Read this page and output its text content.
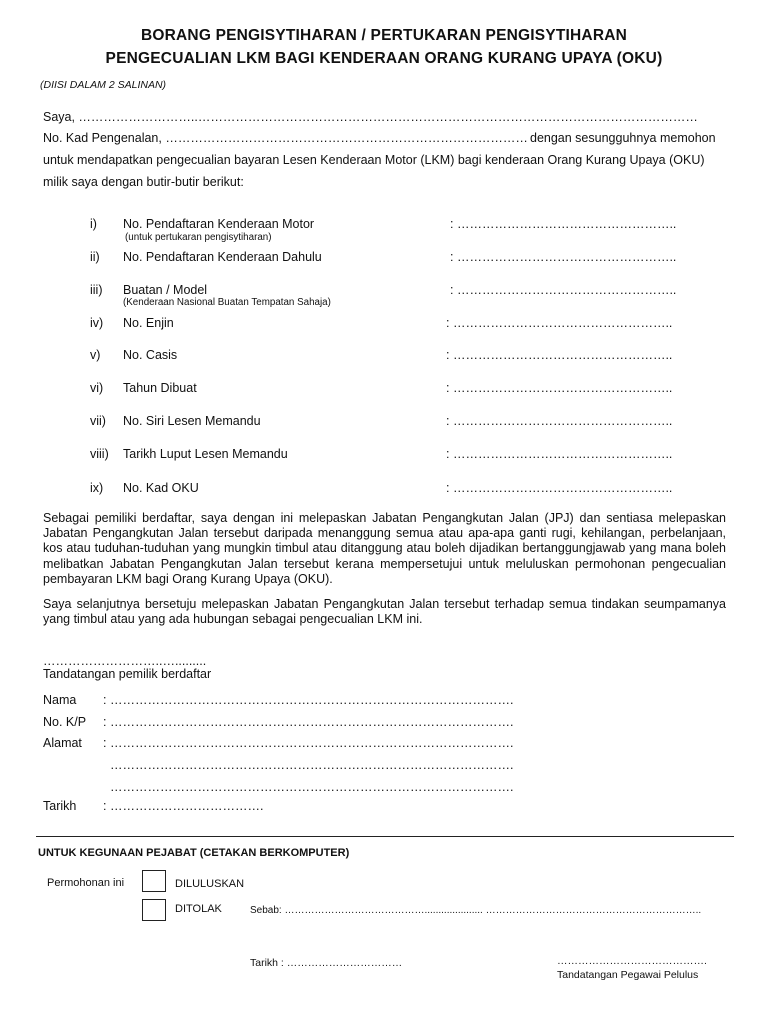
BORANG PENGISYTIHARAN / PERTUKARAN PENGISYTIHARAN
PENGECUALIAN LKM BAGI KENDERAAN ORANG KURANG UPAYA (OKU)
(DIISI DALAM 2 SALINAN)
Saya, ………………………..…………………………………………………………………………………………………………
No. Kad Pengenalan, …………………………………………………………………………… dengan sesungguhnya memohon
untuk mendapatkan pengecualian bayaran Lesen Kenderaan Motor (LKM) bagi kenderaan Orang Kurang Upaya (OKU)
milik saya dengan butir-butir berikut:
i) No. Pendaftaran Kenderaan Motor
(untuk pertukaran pengisytiharan)
: ……………………………………………..
ii) No. Pendaftaran Kenderaan Dahulu	: ……………………………………………..
iii) Buatan / Model
(Kenderaan Nasional Buatan Tempatan Sahaja)
: ……………………………………………..
iv) No. Enjin	: ……………………………………………..
v) No. Casis	: ……………………………………………..
vi) Tahun Dibuat	: ……………………………………………..
vii) No. Siri Lesen Memandu	: ……………………………………………..
viii) Tarikh Luput Lesen Memandu	: ……………………………………………..
ix) No. Kad OKU	: ……………………………………………..
Sebagai pemiliki berdaftar, saya dengan ini melepaskan Jabatan Pengangkutan Jalan (JPJ) dan sentiasa melepaskan Jabatan Pengangkutan Jalan tersebut daripada menanggung semua atau apa-apa ganti rugi, kehilangan, perbelanjaan, kos atau tuduhan-tuduhan yang mungkin timbul atau ditanggung atau boleh dijadikan bertanggungjawab yang mana boleh melibatkan Jabatan Pengangkutan Jalan tersebut kerana mempersetujui untuk meluluskan permohonan pengecualian pembayaran LKM bagi Orang Kurang Upaya (OKU).
Saya selanjutnya bersetuju melepaskan Jabatan Pengangkutan Jalan tersebut terhadap semua tindakan seumpamanya yang timbul atau yang ada hubungan sebagai pengecualian LKM ini.
………………………..….........
Tandatangan pemilik berdaftar
Nama : …………………………………………………………………………………….
No. K/P : …………………………………………………………………………………….
Alamat : …………………………………………………………………………………….
…………………………………………………………………………………….
…………………………………………………………………………………….
Tarikh : ……………………………….
UNTUK KEGUNAAN PEJABAT (CETAKAN BERKOMPUTER)
Permohonan ini	DILULUSKAN
DITOLAK	Sebab: ……………………………………..................... ………………………………………………………..
Tarikh : ……………………………	…………………………………….
Tandatangan Pegawai Pelulus
